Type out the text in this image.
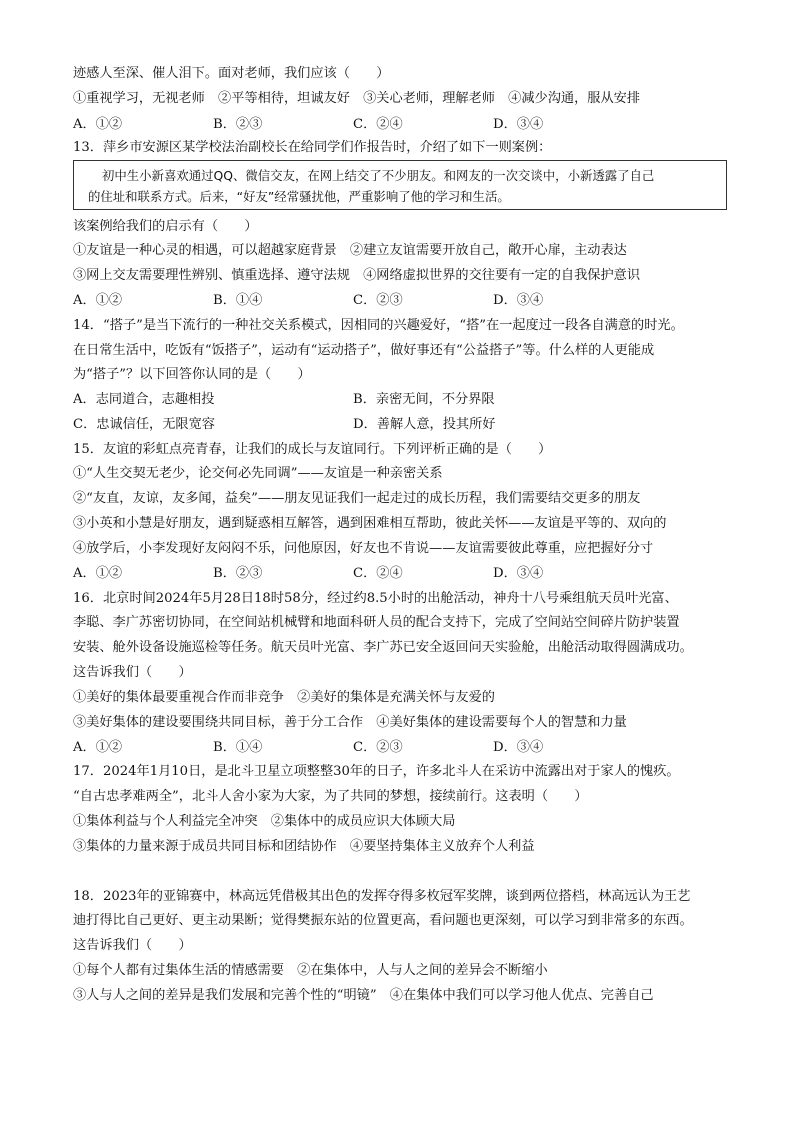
迹感人至深、催人泪下。面对老师，我们应该（　　）
①重视学习，无视老师　②平等相待，坦诚友好　③关心老师，理解老师　④减少沟通，服从安排
A．①②	B．②③	C．②④	D．③④
13．萍乡市安源区某学校法治副校长在给同学们作报告时，介绍了如下一则案例：
初中生小新喜欢通过QQ、微信交友，在网上结交了不少朋友。和网友的一次交谈中，小新透露了自己
的住址和联系方式。后来，“好友”经常骚扰他，严重影响了他的学习和生活。
该案例给我们的启示有（　　）
①友谊是一种心灵的相遇，可以超越家庭背景　②建立友谊需要开放自己，敞开心扉，主动表达
③网上交友需要理性辨别、慎重选择、遵守法规　④网络虚拟世界的交往要有一定的自我保护意识
A．①②	B．①④	C．②③	D．③④
14．“搭子”是当下流行的一种社交关系模式，因相同的兴趣爱好，“搭”在一起度过一段各自满意的时光。
在日常生活中，吃饭有“饭搭子”，运动有“运动搭子”，做好事还有“公益搭子”等。什么样的人更能成
为“搭子”？以下回答你认同的是（　　）
A．志同道合，志趣相投	B．亲密无间，不分界限
C．忠诚信任，无限宽容	D．善解人意，投其所好
15．友谊的彩虹点亮青春，让我们的成长与友谊同行。下列评析正确的是（　　）
①“人生交契无老少，论交何必先同调”——友谊是一种亲密关系
②“友直，友谅，友多闻，益矣”——朋友见证我们一起走过的成长历程，我们需要结交更多的朋友
③小英和小慧是好朋友，遇到疑惑相互解答，遇到困难相互帮助，彼此关怀——友谊是平等的、双向的
④放学后，小李发现好友闷闷不乐，问他原因，好友也不肯说——友谊需要彼此尊重，应把握好分寸
A．①②	B．②③	C．②④	D．③④
16．北京时间2024年5月28日18时58分，经过约8.5小时的出舱活动，神舟十八号乘组航天员叶光富、
李聪、李广苏密切协同，在空间站机械臂和地面科研人员的配合支持下，完成了空间站空间碎片防护装置
安装、舱外设备设施巡检等任务。航天员叶光富、李广苏已安全返回问天实验舱，出舱活动取得圆满成功。
这告诉我们（　　）
①美好的集体最要重视合作而非竞争　②美好的集体是充满关怀与友爱的
③美好集体的建设要围绕共同目标，善于分工合作　④美好集体的建设需要每个人的智慧和力量
A．①②	B．①④	C．②③	D．③④
17．2024年1月10日，是北斗卫星立项整整30年的日子，许多北斗人在采访中流露出对于家人的愧疚。
“自古忠孝难两全”，北斗人舍小家为大家，为了共同的梦想，接续前行。这表明（　　）
①集体利益与个人利益完全冲突　②集体中的成员应识大体顾大局
③集体的力量来源于成员共同目标和团结协作　④要坚持集体主义放弃个人利益
18．2023年的亚锦赛中，林高远凭借极其出色的发挥夺得多枚冠军奖牌，谈到两位搭档，林高远认为王艺
迪打得比自己更好、更主动果断；觉得樊振东站的位置更高，看问题也更深刻，可以学习到非常多的东西。
这告诉我们（　　）
①每个人都有过集体生活的情感需要　②在集体中，人与人之间的差异会不断缩小
③人与人之间的差异是我们发展和完善个性的“明镜”　④在集体中我们可以学习他人优点、完善自己
